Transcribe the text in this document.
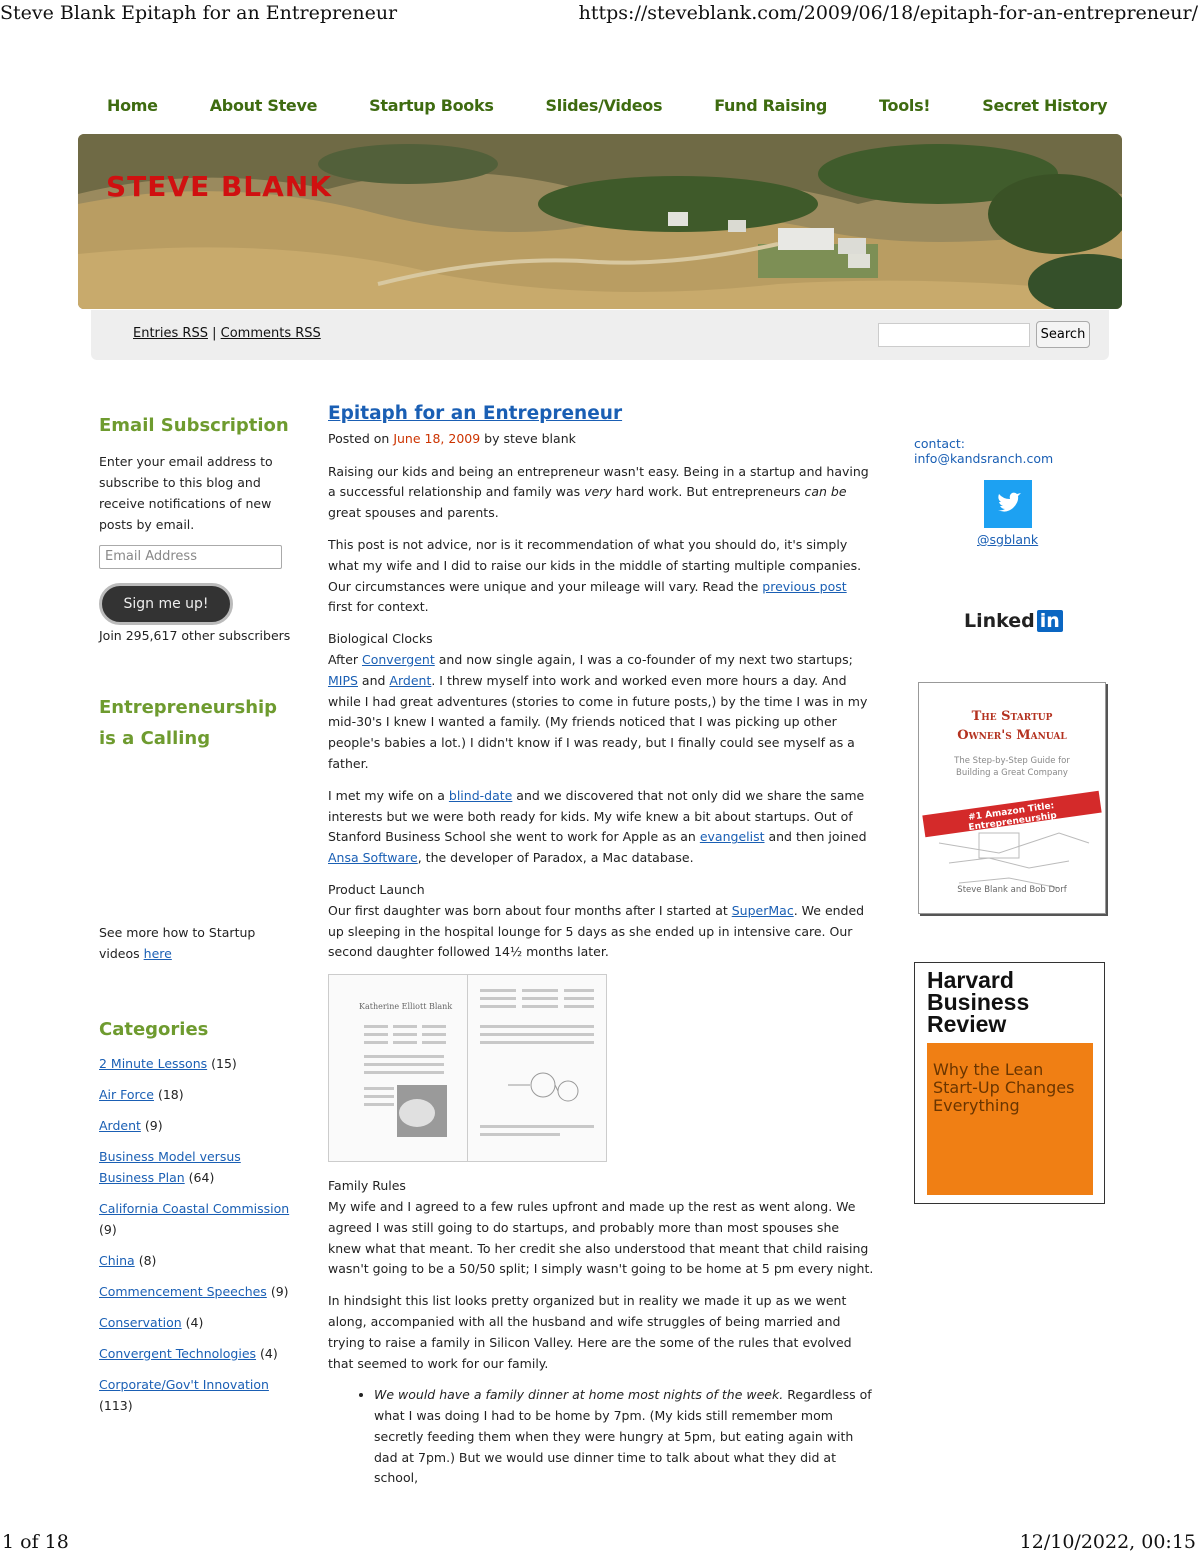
Steve Blank Epitaph for an Entrepreneur	https://steveblank.com/2009/06/18/epitaph-for-an-entrepreneur/
1 of 18	12/10/2022, 00:15
Home	About Steve	Startup Books	Slides/Videos	Fund Raising	Tools!	Secret History
STEVE BLANK
Entries RSS | Comments RSS	Search
Email Subscription
Enter your email address to subscribe to this blog and receive notifications of new posts by email.
Email Address
Sign me up!
Join 295,617 other subscribers
Entrepreneurship is a Calling
See more how to Startup videos here
Categories
2 Minute Lessons (15)
Air Force (18)
Ardent (9)
Business Model versus Business Plan (64)
California Coastal Commission (9)
China (8)
Commencement Speeches (9)
Conservation (4)
Convergent Technologies (4)
Corporate/Gov't Innovation (113)
Epitaph for an Entrepreneur
Posted on June 18, 2009 by steve blank

Raising our kids and being an entrepreneur wasn't easy. Being in a startup and having a successful relationship and family was very hard work. But entrepreneurs can be great spouses and parents.

This post is not advice, nor is it recommendation of what you should do, it's simply what my wife and I did to raise our kids in the middle of starting multiple companies. Our circumstances were unique and your mileage will vary. Read the previous post first for context.

Biological Clocks

After Convergent and now single again, I was a co-founder of my next two startups; MIPS and Ardent. I threw myself into work and worked even more hours a day. And while I had great adventures (stories to come in future posts,) by the time I was in my mid-30's I knew I wanted a family. (My friends noticed that I was picking up other people's babies a lot.) I didn't know if I was ready, but I finally could see myself as a father.

I met my wife on a blind-date and we discovered that not only did we share the same interests but we were both ready for kids. My wife knew a bit about startups. Out of Stanford Business School she went to work for Apple as an evangelist and then joined Ansa Software, the developer of Paradox, a Mac database.

Product Launch

Our first daughter was born about four months after I started at SuperMac. We ended up sleeping in the hospital lounge for 5 days as she ended up in intensive care. Our second daughter followed 14½ months later.

Katherine Elliott Blank
Family Rules

My wife and I agreed to a few rules upfront and made up the rest as went along. We agreed I was still going to do startups, and probably more than most spouses she knew what that meant. To her credit she also understood that meant that child raising wasn't going to be a 50/50 split; I simply wasn't going to be home at 5 pm every night.

In hindsight this list looks pretty organized but in reality we made it up as we went along, accompanied with all the husband and wife struggles of being married and trying to raise a family in Silicon Valley. Here are the some of the rules that evolved that seemed to work for our family.

• We would have a family dinner at home most nights of the week. Regardless of what I was doing I had to be home by 7pm. (My kids still remember mom secretly feeding them when they were hungry at 5pm, but eating again with dad at 7pm.) But we would use dinner time to talk about what they did at school,
contact: info@kandsranch.com
@sgblank
Linked in
The Startup
Owner's Manual
The Step-by-Step Guide for Building a Great Company
#1 Amazon Title: Entrepreneurship
Steve Blank and Bob Dorf
Harvard
Business
Review
Why the Lean Start-Up Changes Everything
